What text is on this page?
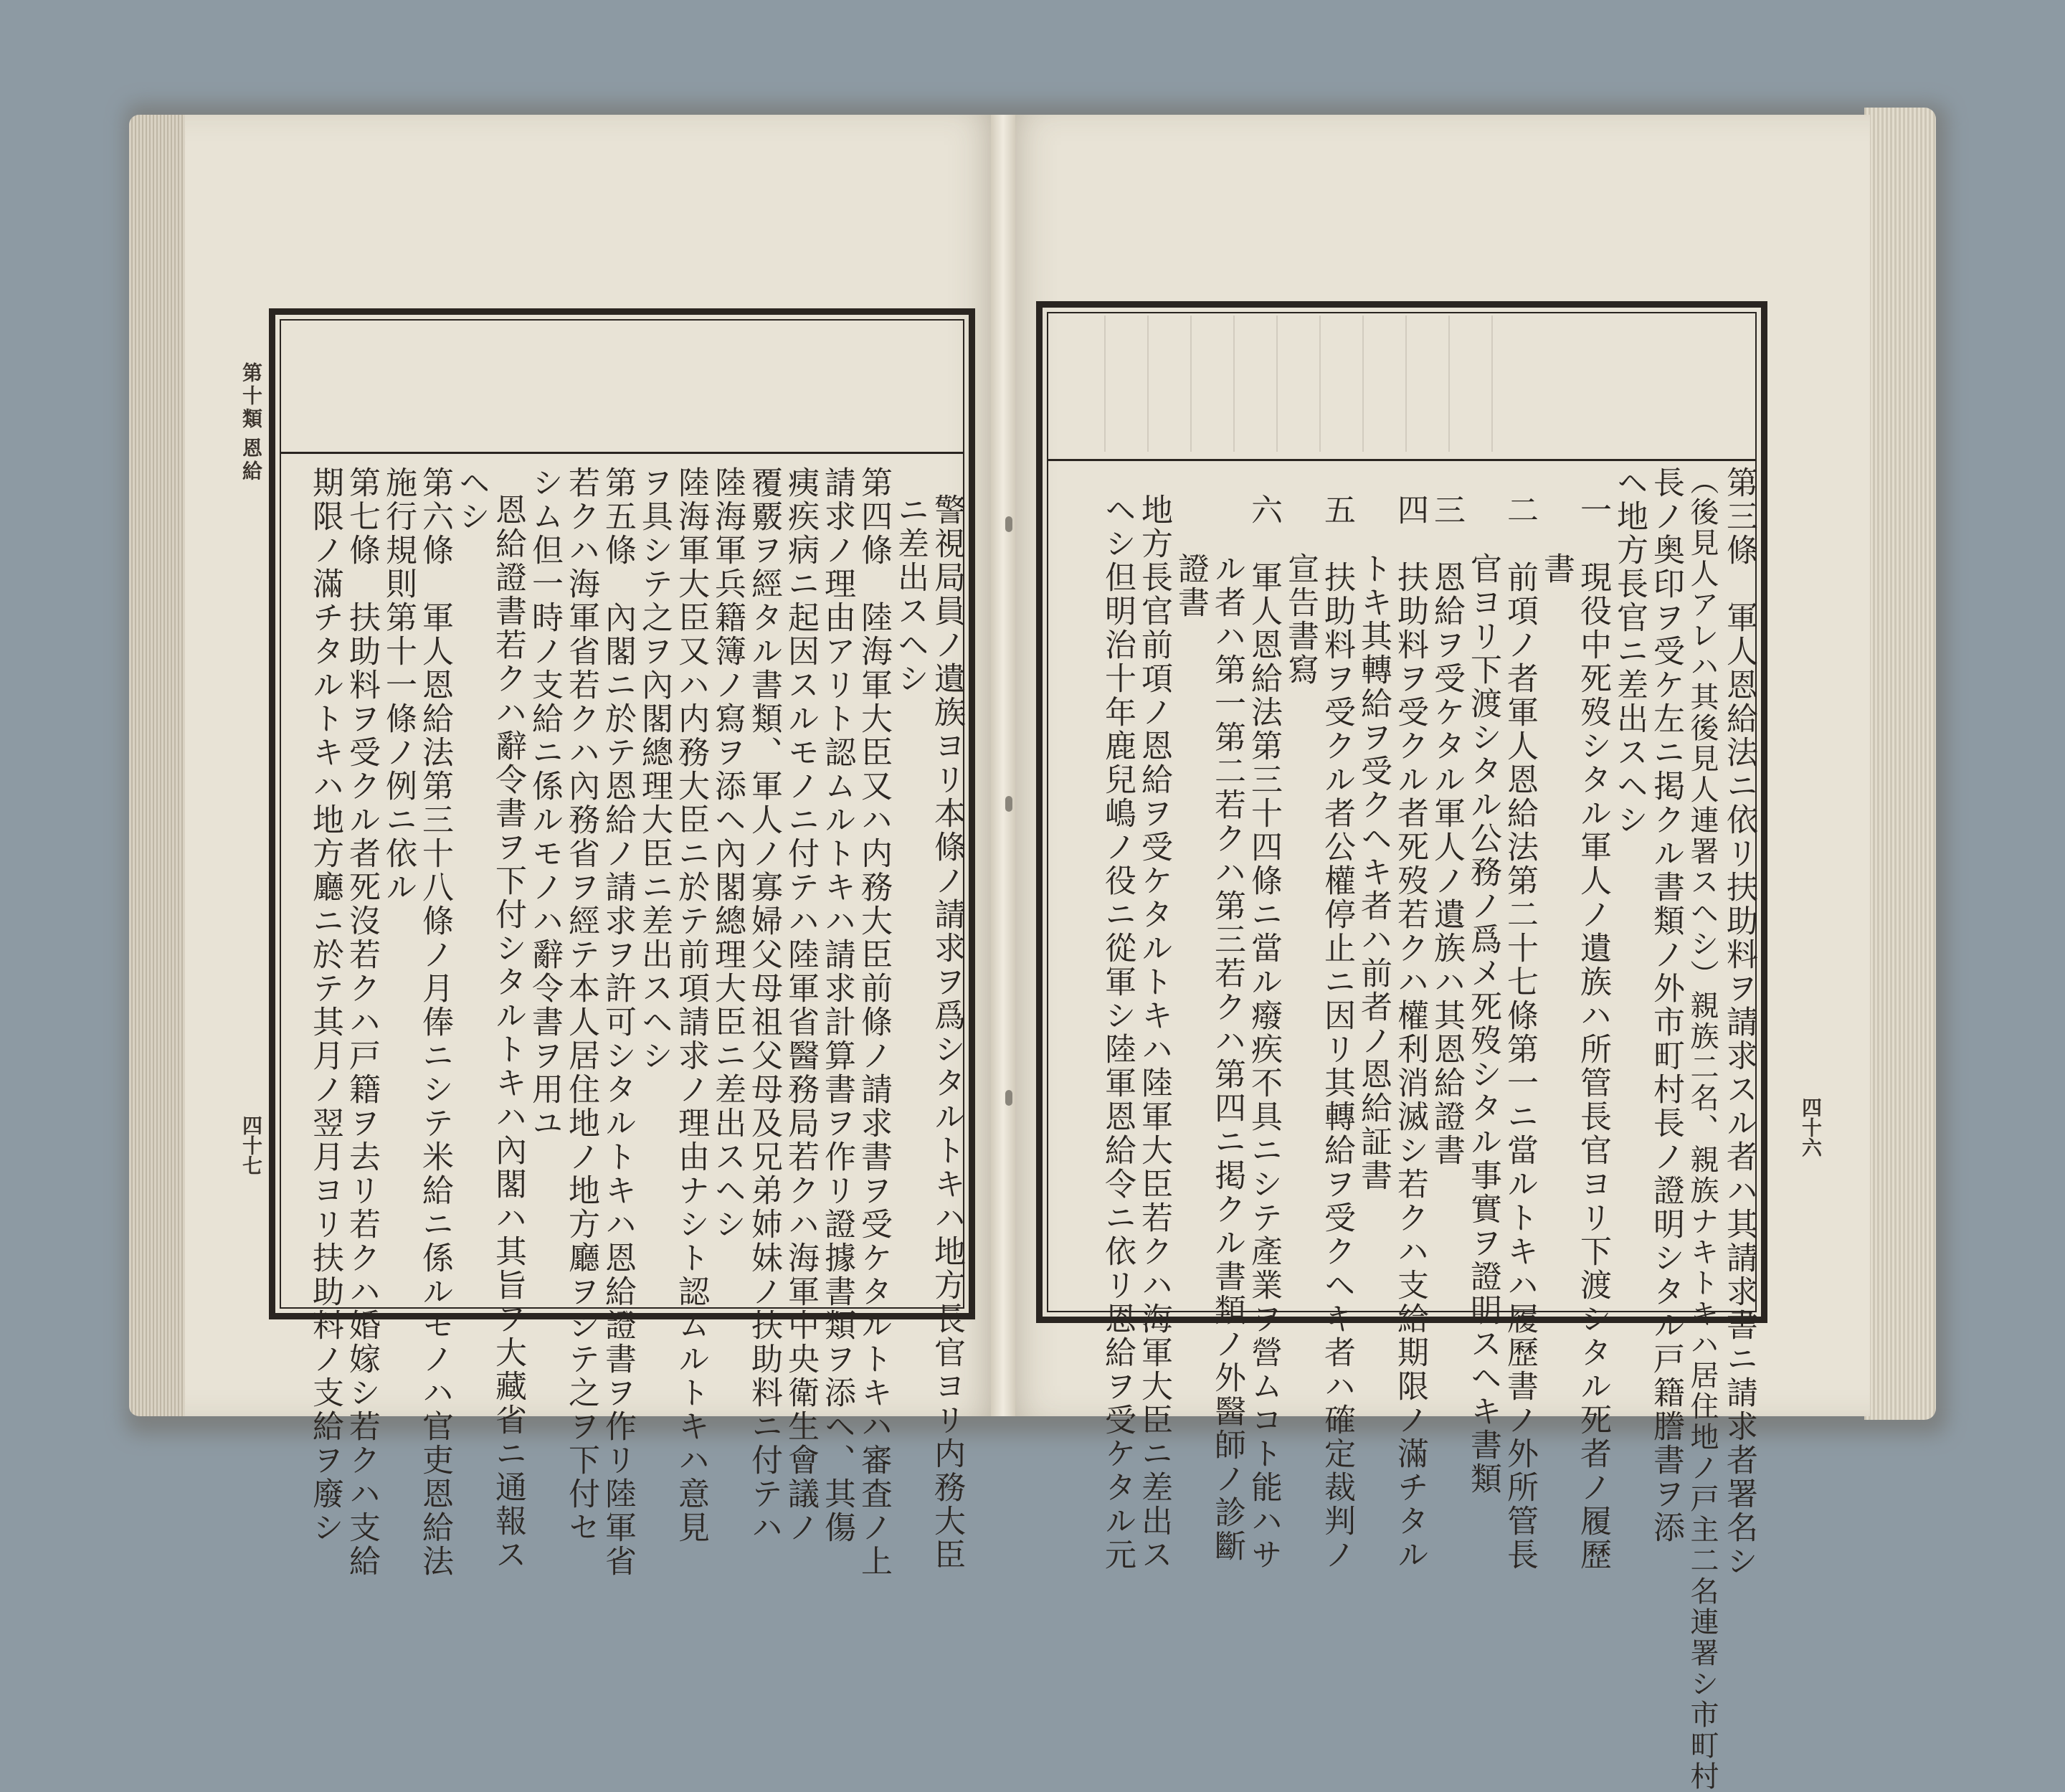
第十類
恩給
四十七	警視局員ノ遺族ヨリ本條ノ請求ヲ爲シタルトキハ地方長官ヨリ内務大臣
ニ差出スヘシ
第四條　陸海軍大臣又ハ内務大臣前條ノ請求書ヲ受ケタルトキハ審査ノ上
請求ノ理由アリト認ムルトキハ請求計算書ヲ作リ證據書類ヲ添ヘ、其傷
痍疾病ニ起因スルモノニ付テハ陸軍省醫務局若クハ海軍中央衛生會議ノ
覆覈ヲ經タル書類、軍人ノ寡婦父母祖父母及兄弟姉妹ノ扶助料ニ付テハ
陸海軍兵籍簿ノ寫ヲ添ヘ內閣總理大臣ニ差出スヘシ
陸海軍大臣又ハ内務大臣ニ於テ前項請求ノ理由ナシト認ムルトキハ意見
ヲ具シテ之ヲ內閣總理大臣ニ差出スヘシ
第五條　內閣ニ於テ恩給ノ請求ヲ許可シタルトキハ恩給證書ヲ作リ陸軍省
若クハ海軍省若クハ內務省ヲ經テ本人居住地ノ地方廳ヲシテ之ヲ下付セ
シム但一時ノ支給ニ係ルモノハ辭令書ヲ用ユ
恩給證書若クハ辭令書ヲ下付シタルトキハ內閣ハ其旨ヲ大藏省ニ通報ス
ヘシ
第六條　軍人恩給法第三十八條ノ月俸ニシテ米給ニ係ルモノハ官吏恩給法
施行規則第十一條ノ例ニ依ル
第七條　扶助料ヲ受クル者死沒若クハ戸籍ヲ去リ若クハ婚嫁シ若クハ支給
期限ノ滿チタルトキハ地方廳ニ於テ其月ノ翌月ヨリ扶助料ノ支給ヲ廢シ	四十六
第三條　軍人恩給法ニ依リ扶助料ヲ請求スル者ハ其請求書ニ請求者署名シ
（後見人アレハ其後見人連署スヘシ）親族二名、親族ナキトキハ居住地ノ戸主二名連署シ市町村
長ノ奥印ヲ受ケ左ニ掲クル書類ノ外市町村長ノ證明シタル戸籍謄書ヲ添
ヘ地方長官ニ差出スヘシ
一　現役中死歿シタル軍人ノ遺族ハ所管長官ヨリ下渡シタル死者ノ履歷
書
二　前項ノ者軍人恩給法第二十七條第一ニ當ルトキハ履歷書ノ外所管長
官ヨリ下渡シタル公務ノ爲メ死歿シタル事實ヲ證明スヘキ書類
三　恩給ヲ受ケタル軍人ノ遺族ハ其恩給證書
四　扶助料ヲ受クル者死歿若クハ權利消滅シ若クハ支給期限ノ滿チタル
トキ其轉給ヲ受クヘキ者ハ前者ノ恩給証書
五　扶助料ヲ受クル者公權停止ニ因リ其轉給ヲ受クヘキ者ハ確定裁判ノ
宣告書寫
六　軍人恩給法第三十四條ニ當ル癈疾不具ニシテ產業ヲ營ムコト能ハサ
ル者ハ第一第二若クハ第三若クハ第四ニ掲クル書類ノ外醫師ノ診斷
證書
地方長官前項ノ恩給ヲ受ケタルトキハ陸軍大臣若クハ海軍大臣ニ差出ス
ヘシ但明治十年鹿兒嶋ノ役ニ從軍シ陸軍恩給令ニ依リ恩給ヲ受ケタル元
